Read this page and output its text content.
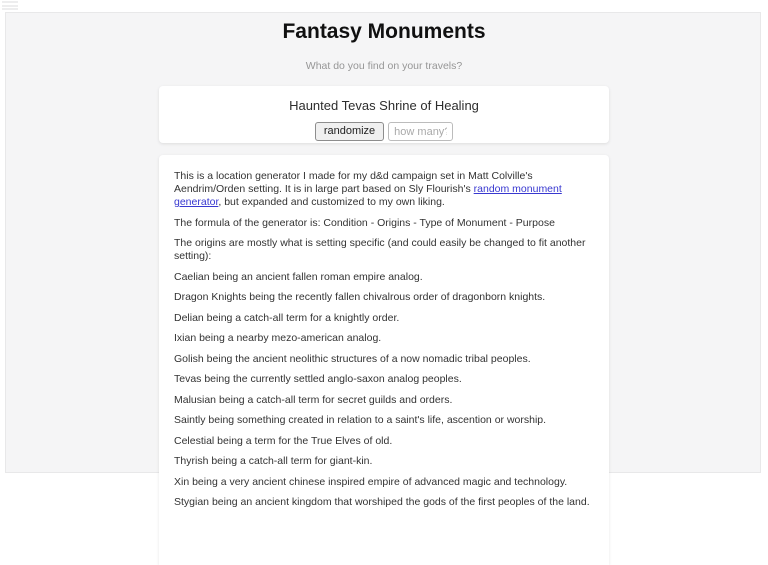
Fantasy Monuments
What do you find on your travels?
Haunted Tevas Shrine of Healing
randomize
how many?

This is a location generator I made for my d&d campaign set in Matt Colville's Aendrim/Orden setting. It is in large part based on Sly Flourish's random monument generator, but expanded and customized to my own liking.

The formula of the generator is: Condition - Origins - Type of Monument - Purpose

The origins are mostly what is setting specific (and could easily be changed to fit another setting):

Caelian being an ancient fallen roman empire analog.

Dragon Knights being the recently fallen chivalrous order of dragonborn knights.

Delian being a catch-all term for a knightly order.

Ixian being a nearby mezo-american analog.

Golish being the ancient neolithic structures of a now nomadic tribal peoples.

Tevas being the currently settled anglo-saxon analog peoples.

Malusian being a catch-all term for secret guilds and orders.

Saintly being something created in relation to a saint's life, ascention or worship.

Celestial being a term for the True Elves of old.

Thyrish being a catch-all term for giant-kin.

Xin being a very ancient chinese inspired empire of advanced magic and technology.

Stygian being an ancient kingdom that worshiped the gods of the first peoples of the land.
